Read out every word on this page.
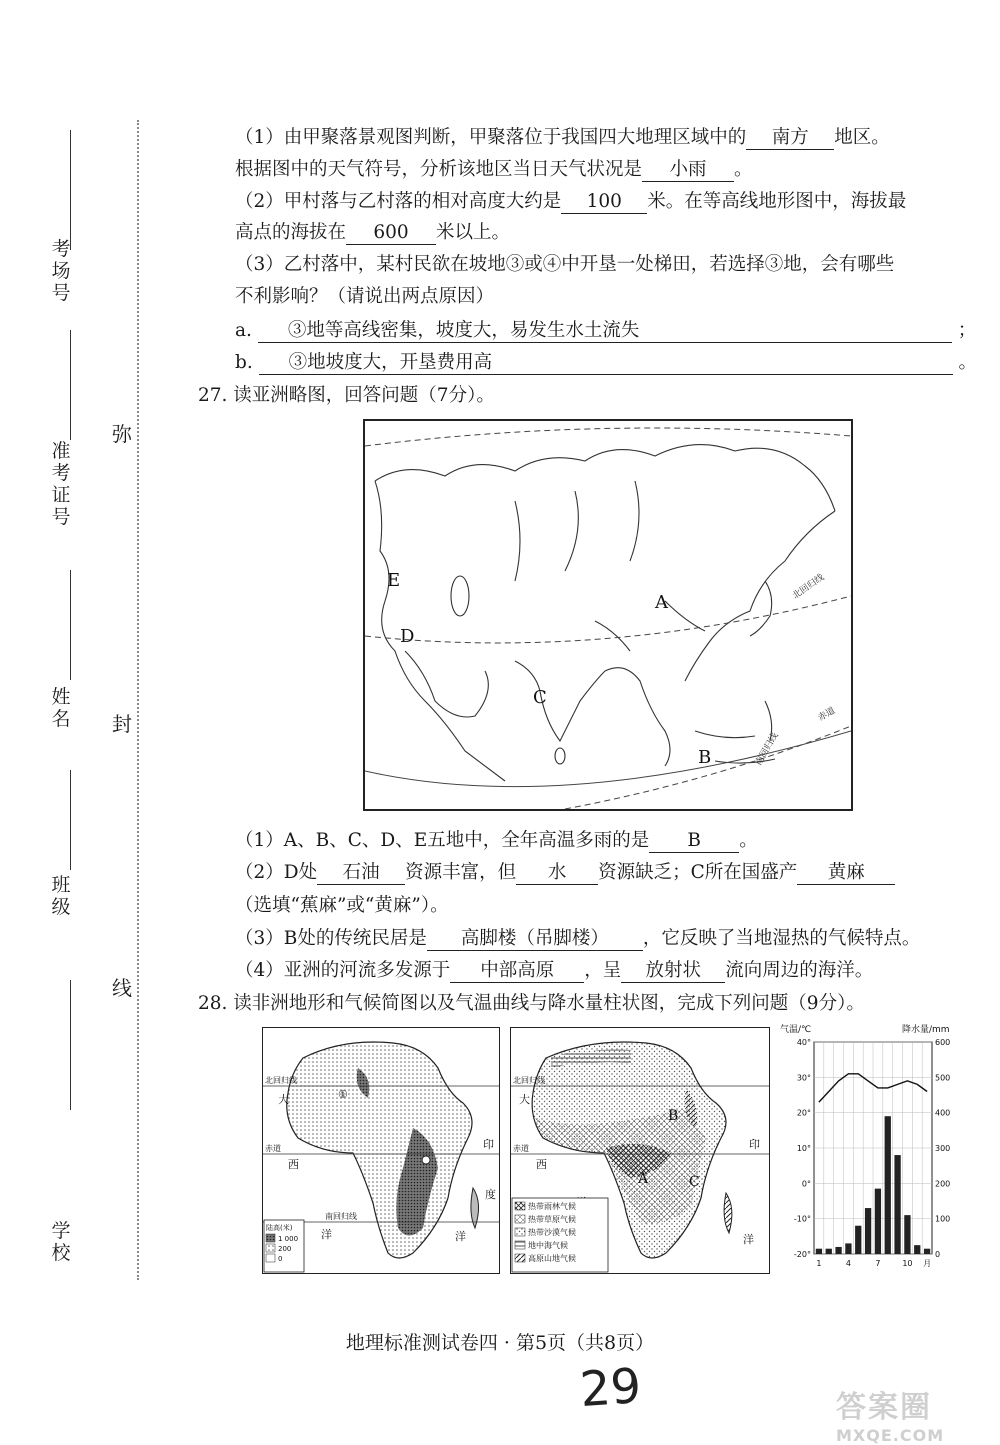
考场号
准考证号
姓名
班级
学校
弥
封
线
（1）由甲聚落景观图判断，甲聚落位于我国四大地理区域中的 南方 地区。
根据图中的天气符号，分析该地区当日天气状况是 小雨 。
（2）甲村落与乙村落的相对高度大约是 100 米。在等高线地形图中，海拔最
高点的海拔在 600 米以上。
（3）乙村落中，某村民欲在坡地③或④中开垦一处梯田，若选择③地，会有哪些
不利影响？（请说出两点原因）
a. ③地等高线密集，坡度大，易发生水土流失	；
b. ③地坡度大，开垦费用高	。
27. 读亚洲略图，回答问题（7分）。
E
D
C
A
B
北回归线
赤道
南回归线
（1）A、B、C、D、E五地中，全年高温多雨的是 B 。
（2）D处 石油 资源丰富，但 水 资源缺乏；C所在国盛产 黄麻
（选填“蕉麻”或“黄麻”）。
（3）B处的传统民居是 高脚楼（吊脚楼） ，它反映了当地湿热的气候特点。
（4）亚洲的河流多发源于 中部高原 ，呈 放射状 流向周边的海洋。
28. 读非洲地形和气候简图以及气温曲线与降水量柱状图，完成下列问题（9分）。
北回归线
赤道
南回归线
大
西
洋
印
度
洋
①
陆高(米)
1 000
200
0
北回归线
赤道
大
西
印
洋
B
A	C
热带雨林气候
热带草原气候
热带沙漠气候
地中海气候
高原山地气候
气温/℃	降水量/mm
40°	600
30°	500
20°	400
10°	300
0°	200
-10°	100
-20°	0
1	4	7	10 月
地理标准测试卷四 · 第5页（共8页）
29	答案圈
MXQE.COM
